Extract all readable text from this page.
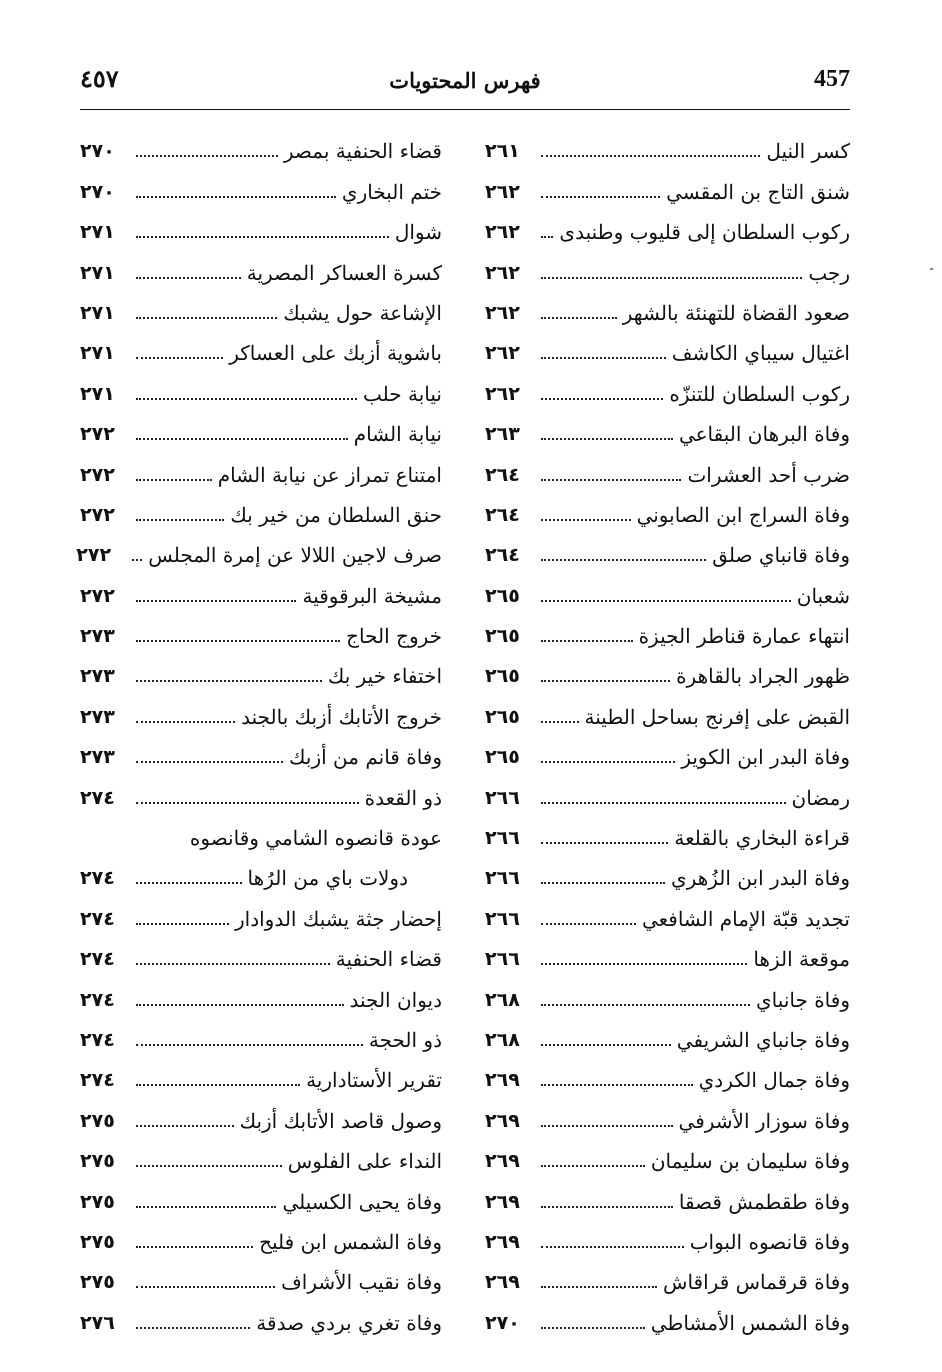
457
فهرس المحتويات
٤٥٧
كسر النيل
٢٦١
شنق التاج بن المقسي
٢٦٢
ركوب السلطان إلى قليوب وطنبدى
٢٦٢
رجب
٢٦٢
صعود القضاة للتهنئة بالشهر
٢٦٢
اغتيال سيباي الكاشف
٢٦٢
ركوب السلطان للتنزّه
٢٦٢
وفاة البرهان البقاعي
٢٦٣
ضرب أحد العشرات
٢٦٤
وفاة السراج ابن الصابوني
٢٦٤
وفاة قانباي صلق
٢٦٤
شعبان
٢٦٥
انتهاء عمارة قناطر الجيزة
٢٦٥
ظهور الجراد بالقاهرة
٢٦٥
القبض على إفرنج بساحل الطينة
٢٦٥
وفاة البدر ابن الكويز
٢٦٥
رمضان
٢٦٦
قراءة البخاري بالقلعة
٢٦٦
وفاة البدر ابن الزُهري
٢٦٦
تجديد قبّة الإمام الشافعي
٢٦٦
موقعة الزها
٢٦٦
وفاة جانباي
٢٦٨
وفاة جانباي الشريفي
٢٦٨
وفاة جمال الكردي
٢٦٩
وفاة سوزار الأشرفي
٢٦٩
وفاة سليمان بن سليمان
٢٦٩
وفاة طقطمش قصقا
٢٦٩
وفاة قانصوه البواب
٢٦٩
وفاة قرقماس قراقاش
٢٦٩
وفاة الشمس الأمشاطي
٢٧٠
قضاء الحنفية بمصر
٢٧٠
ختم البخاري
٢٧٠
شوال
٢٧١
كسرة العساكر المصرية
٢٧١
الإشاعة حول يشبك
٢٧١
باشوية أزبك على العساكر
٢٧١
نيابة حلب
٢٧١
نيابة الشام
٢٧٢
امتناع تمراز عن نيابة الشام
٢٧٢
حنق السلطان من خير بك
٢٧٢
صرف لاجين اللالا عن إمرة المجلس
٢٧٢
مشيخة البرقوقية
٢٧٢
خروج الحاج
٢٧٣
اختفاء خير بك
٢٧٣
خروج الأتابك أزبك بالجند
٢٧٣
وفاة قانم من أزبك
٢٧٣
ذو القعدة
٢٧٤
عودة قانصوه الشامي وقانصوه
دولات باي من الرُها
٢٧٤
إحضار جثة يشبك الدوادار
٢٧٤
قضاء الحنفية
٢٧٤
ديوان الجند
٢٧٤
ذو الحجة
٢٧٤
تقرير الأستادارية
٢٧٤
وصول قاصد الأتابك أزبك
٢٧٥
النداء على الفلوس
٢٧٥
وفاة يحيى الكسيلي
٢٧٥
وفاة الشمس ابن فليح
٢٧٥
وفاة نقيب الأشراف
٢٧٥
وفاة تغري بردي صدقة
٢٧٦
